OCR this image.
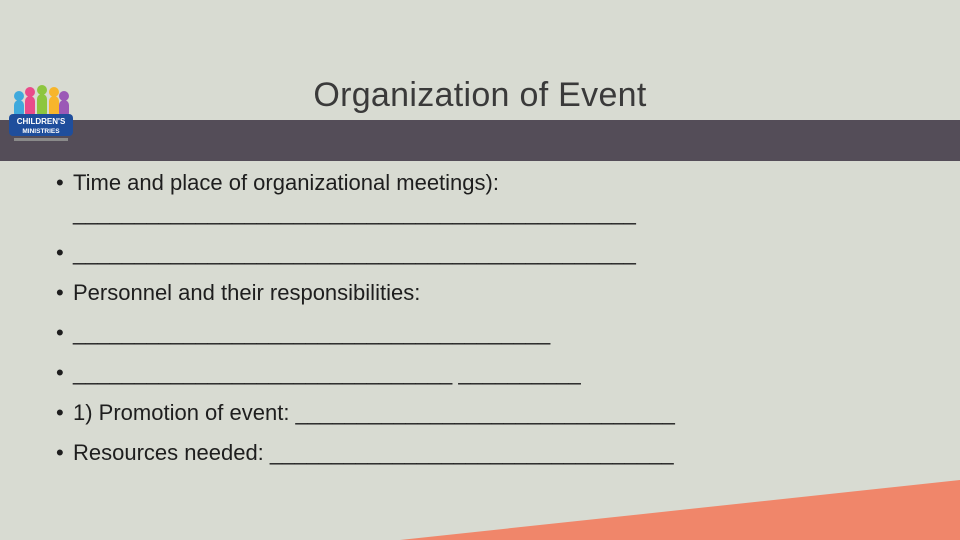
CHILDREN'S
MINISTRIES
Organization of Event
• Time and place of organizational meetings): ______________________________________________
• ______________________________________________
• Personnel and their responsibilities:
• _______________________________________
• _______________________________ __________
• 1) Promotion of event: _______________________________
• Resources needed: _________________________________
